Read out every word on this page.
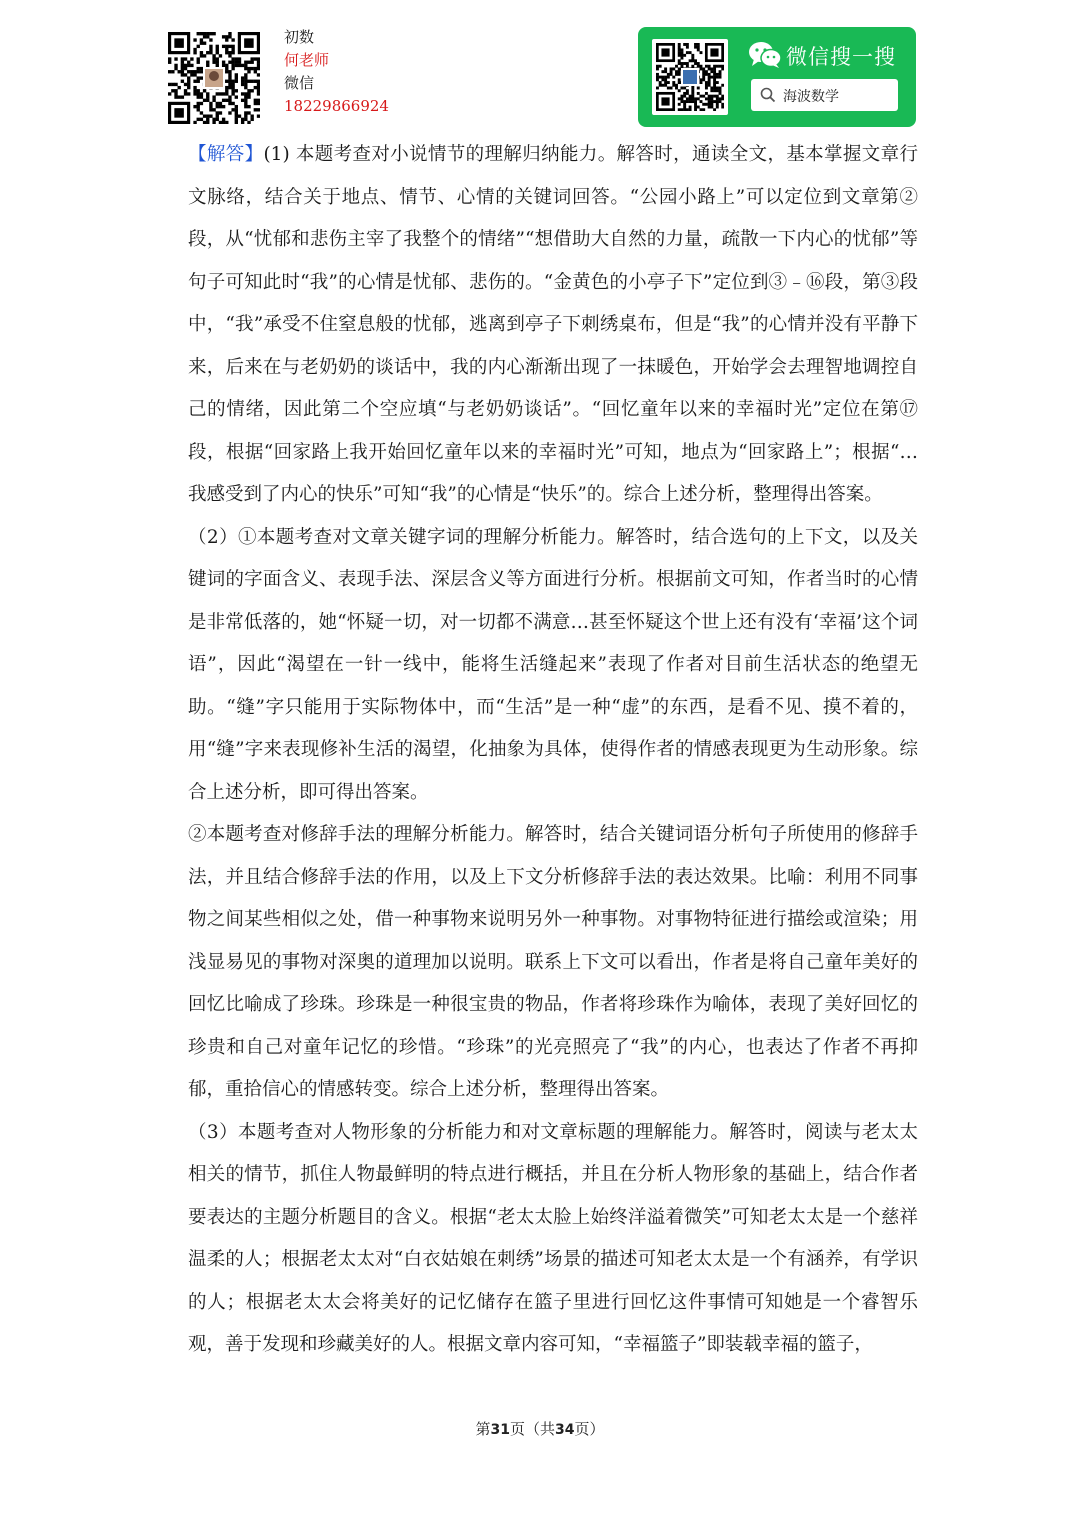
初数
何老师
微信
18229866924
微信搜一搜
海波数学

【解答】(1) 本题考查对小说情节的理解归纳能力。解答时，通读全文，基本掌握文章行文脉络，结合关于地点、情节、心情的关键词回答。“公园小路上”可以定位到文章第②段，从“忧郁和悲伤主宰了我整个的情绪”“想借助大自然的力量，疏散一下内心的忧郁”等句子可知此时“我”的心情是忧郁、悲伤的。“金黄色的小亭子下”定位到③﹣⑯段，第③段中，“我”承受不住窒息般的忧郁，逃离到亭子下刺绣桌布，但是“我”的心情并没有平静下来，后来在与老奶奶的谈话中，我的内心渐渐出现了一抹暖色，开始学会去理智地调控自己的情绪，因此第二个空应填“与老奶奶谈话”。“回忆童年以来的幸福时光”定位在第⑰段，根据“回家路上我开始回忆童年以来的幸福时光”可知，地点为“回家路上”；根据“…我感受到了内心的快乐”可知“我”的心情是“快乐”的。综合上述分析，整理得出答案。

（2）①本题考查对文章关键字词的理解分析能力。解答时，结合选句的上下文，以及关键词的字面含义、表现手法、深层含义等方面进行分析。根据前文可知，作者当时的心情是非常低落的，她“怀疑一切，对一切都不满意…甚至怀疑这个世上还有没有‘幸福’这个词语”，因此“渴望在一针一线中，能将生活缝起来”表现了作者对目前生活状态的绝望无助。“缝”字只能用于实际物体中，而“生活”是一种“虚”的东西，是看不见、摸不着的，用“缝”字来表现修补生活的渴望，化抽象为具体，使得作者的情感表现更为生动形象。综合上述分析，即可得出答案。

②本题考查对修辞手法的理解分析能力。解答时，结合关键词语分析句子所使用的修辞手法，并且结合修辞手法的作用，以及上下文分析修辞手法的表达效果。比喻：利用不同事物之间某些相似之处，借一种事物来说明另外一种事物。对事物特征进行描绘或渲染；用浅显易见的事物对深奥的道理加以说明。联系上下文可以看出，作者是将自己童年美好的回忆比喻成了珍珠。珍珠是一种很宝贵的物品，作者将珍珠作为喻体，表现了美好回忆的珍贵和自己对童年记忆的珍惜。“珍珠”的光亮照亮了“我”的内心，也表达了作者不再抑郁，重拾信心的情感转变。综合上述分析，整理得出答案。

（3）本题考查对人物形象的分析能力和对文章标题的理解能力。解答时，阅读与老太太相关的情节，抓住人物最鲜明的特点进行概括，并且在分析人物形象的基础上，结合作者要表达的主题分析题目的含义。根据“老太太脸上始终洋溢着微笑”可知老太太是一个慈祥温柔的人；根据老太太对“白衣姑娘在刺绣”场景的描述可知老太太是一个有涵养，有学识的人；根据老太太会将美好的记忆储存在篮子里进行回忆这件事情可知她是一个睿智乐观，善于发现和珍藏美好的人。根据文章内容可知，“幸福篮子”即装载幸福的篮子，

第31页（共34页）
